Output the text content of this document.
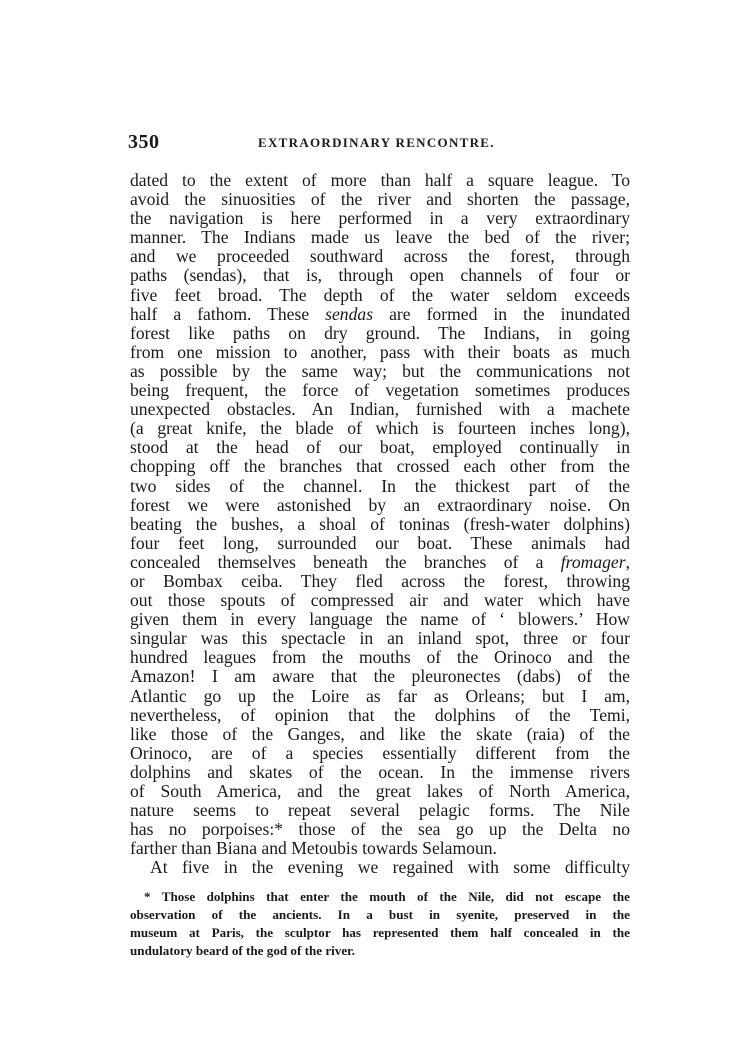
350	EXTRAORDINARY RENCONTRE.
dated to the extent of more than half a square league. To
avoid the sinuosities of the river and shorten the passage,
the navigation is here performed in a very extraordinary
manner. The Indians made us leave the bed of the river;
and we proceeded southward across the forest, through
paths (sendas), that is, through open channels of four or
five feet broad. The depth of the water seldom exceeds
half a fathom. These sendas are formed in the inundated
forest like paths on dry ground. The Indians, in going
from one mission to another, pass with their boats as much
as possible by the same way; but the communications not
being frequent, the force of vegetation sometimes produces
unexpected obstacles. An Indian, furnished with a machete
(a great knife, the blade of which is fourteen inches long),
stood at the head of our boat, employed continually in
chopping off the branches that crossed each other from the
two sides of the channel. In the thickest part of the
forest we were astonished by an extraordinary noise. On
beating the bushes, a shoal of toninas (fresh-water dolphins)
four feet long, surrounded our boat. These animals had
concealed themselves beneath the branches of a fromager,
or Bombax ceiba. They fled across the forest, throwing
out those spouts of compressed air and water which have
given them in every language the name of ‘ blowers.’ How
singular was this spectacle in an inland spot, three or four
hundred leagues from the mouths of the Orinoco and the
Amazon! I am aware that the pleuronectes (dabs) of the
Atlantic go up the Loire as far as Orleans; but I am,
nevertheless, of opinion that the dolphins of the Temi,
like those of the Ganges, and like the skate (raia) of the
Orinoco, are of a species essentially different from the
dolphins and skates of the ocean. In the immense rivers
of South America, and the great lakes of North America,
nature seems to repeat several pelagic forms. The Nile
has no porpoises:* those of the sea go up the Delta no
farther than Biana and Metoubis towards Selamoun.
At five in the evening we regained with some difficulty
* Those dolphins that enter the mouth of the Nile, did not escape the
observation of the ancients. In a bust in syenite, preserved in the
museum at Paris, the sculptor has represented them half concealed in the
undulatory beard of the god of the river.
